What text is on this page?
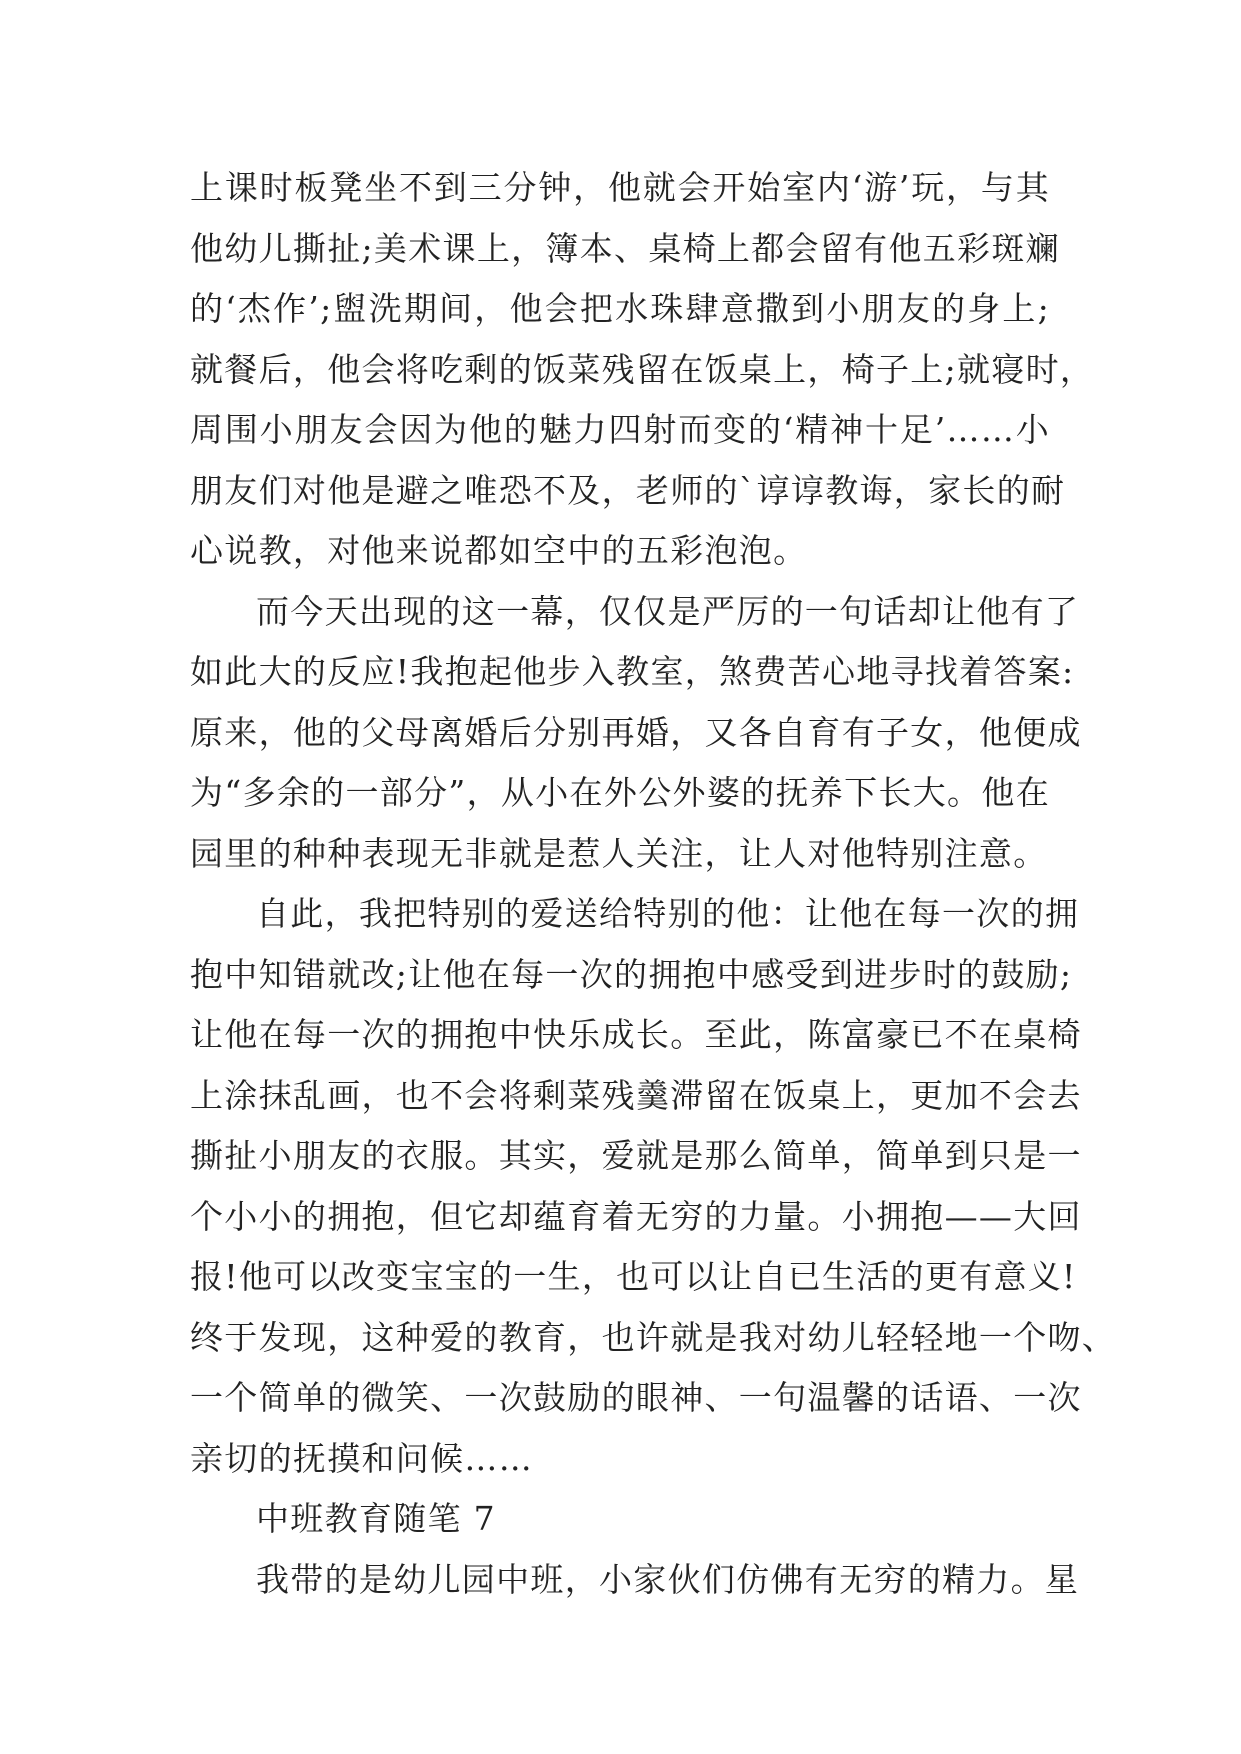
上课时板凳坐不到三分钟，他就会开始室内‘游’玩，与其
他幼儿撕扯;美术课上，簿本、桌椅上都会留有他五彩斑斓
的‘杰作’;盥洗期间，他会把水珠肆意撒到小朋友的身上;
就餐后，他会将吃剩的饭菜残留在饭桌上，椅子上;就寝时，
周围小朋友会因为他的魅力四射而变的‘精神十足’……小
朋友们对他是避之唯恐不及，老师的`谆谆教诲，家长的耐
心说教，对他来说都如空中的五彩泡泡。
而今天出现的这一幕，仅仅是严厉的一句话却让他有了
如此大的反应!我抱起他步入教室，煞费苦心地寻找着答案:
原来，他的父母离婚后分别再婚，又各自育有子女，他便成
为“多余的一部分”，从小在外公外婆的抚养下长大。他在
园里的种种表现无非就是惹人关注，让人对他特别注意。
自此，我把特别的爱送给特别的他：让他在每一次的拥
抱中知错就改;让他在每一次的拥抱中感受到进步时的鼓励;
让他在每一次的拥抱中快乐成长。至此，陈富豪已不在桌椅
上涂抹乱画，也不会将剩菜残羹滞留在饭桌上，更加不会去
撕扯小朋友的衣服。其实，爱就是那么简单，简单到只是一
个小小的拥抱，但它却蕴育着无穷的力量。小拥抱——大回
报!他可以改变宝宝的一生，也可以让自已生活的更有意义!
终于发现，这种爱的教育，也许就是我对幼儿轻轻地一个吻、
一个简单的微笑、一次鼓励的眼神、一句温馨的话语、一次
亲切的抚摸和问候……
中班教育随笔 7
我带的是幼儿园中班，小家伙们仿佛有无穷的精力。星
